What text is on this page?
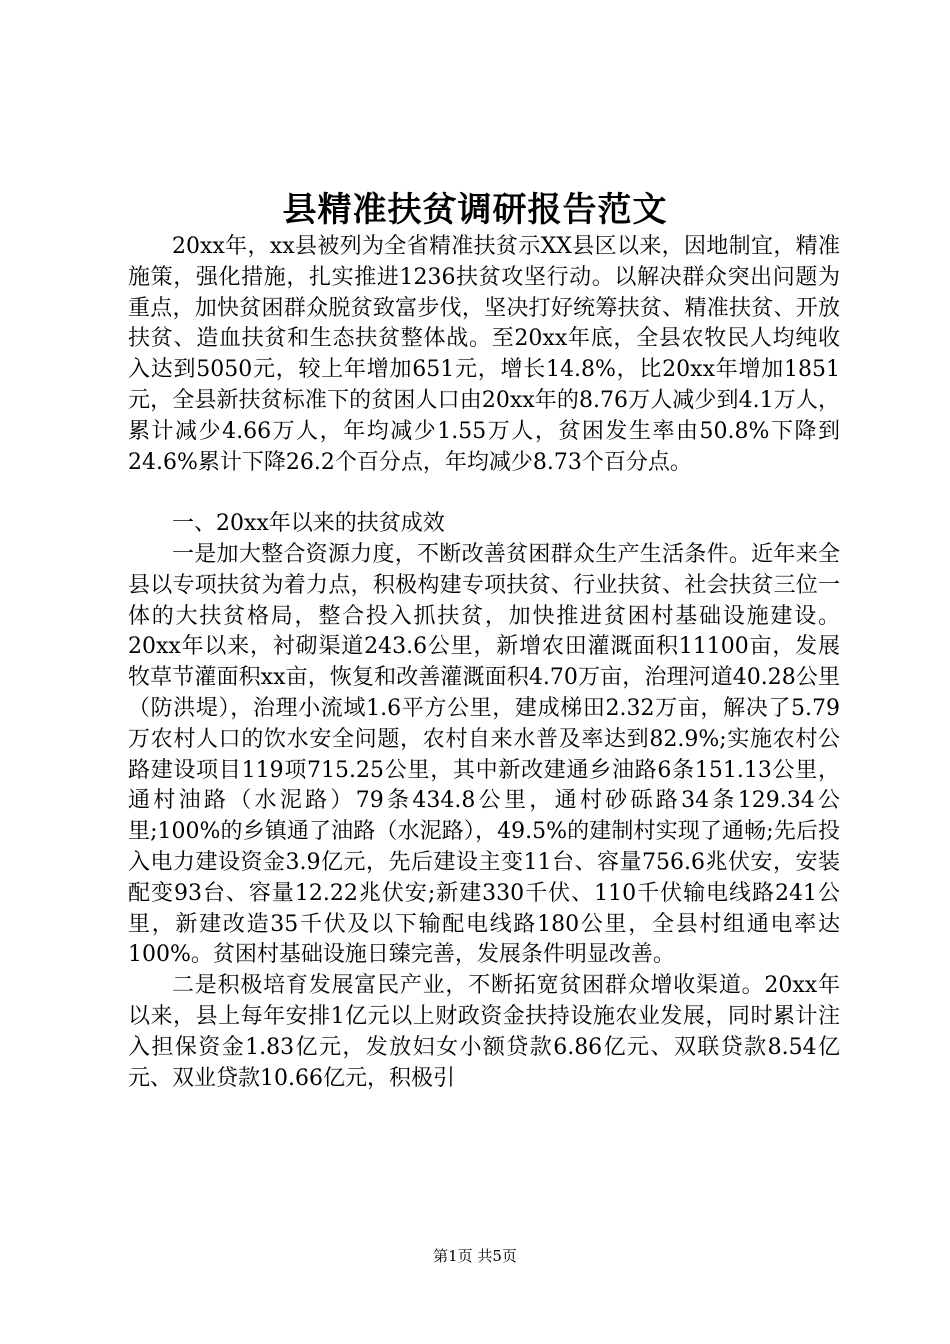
县精准扶贫调研报告范文

20xx年，xx县被列为全省精准扶贫示XX县区以来，因地制宜，精准施策，强化措施，扎实推进1236扶贫攻坚行动。以解决群众突出问题为重点，加快贫困群众脱贫致富步伐，坚决打好统筹扶贫、精准扶贫、开放扶贫、造血扶贫和生态扶贫整体战。至20xx年底，全县农牧民人均纯收入达到5050元，较上年增加651元，增长14.8%，比20xx年增加1851元，全县新扶贫标准下的贫困人口由20xx年的8.76万人减少到4.1万人，累计减少4.66万人，年均减少1.55万人，贫困发生率由50.8%下降到24.6%累计下降26.2个百分点，年均减少8.73个百分点。

一、20xx年以来的扶贫成效

一是加大整合资源力度，不断改善贫困群众生产生活条件。近年来全县以专项扶贫为着力点，积极构建专项扶贫、行业扶贫、社会扶贫三位一体的大扶贫格局，整合投入抓扶贫，加快推进贫困村基础设施建设。20xx年以来，衬砌渠道243.6公里，新增农田灌溉面积11100亩，发展牧草节灌面积xx亩，恢复和改善灌溉面积4.70万亩，治理河道40.28公里（防洪堤），治理小流域1.6平方公里，建成梯田2.32万亩，解决了5.79万农村人口的饮水安全问题，农村自来水普及率达到82.9%;实施农村公路建设项目119项715.25公里，其中新改建通乡油路6条151.13公里，通村油路（水泥路）79条434.8公里，通村砂砾路34条129.34公里;100%的乡镇通了油路（水泥路），49.5%的建制村实现了通畅;先后投入电力建设资金3.9亿元，先后建设主变11台、容量756.6兆伏安，安装配变93台、容量12.22兆伏安;新建330千伏、110千伏输电线路241公里，新建改造35千伏及以下输配电线路180公里，全县村组通电率达100%。贫困村基础设施日臻完善，发展条件明显改善。

二是积极培育发展富民产业，不断拓宽贫困群众增收渠道。20xx年以来，县上每年安排1亿元以上财政资金扶持设施农业发展，同时累计注入担保资金1.83亿元，发放妇女小额贷款6.86亿元、双联贷款8.54亿元、双业贷款10.66亿元，积极引

第1页 共5页
